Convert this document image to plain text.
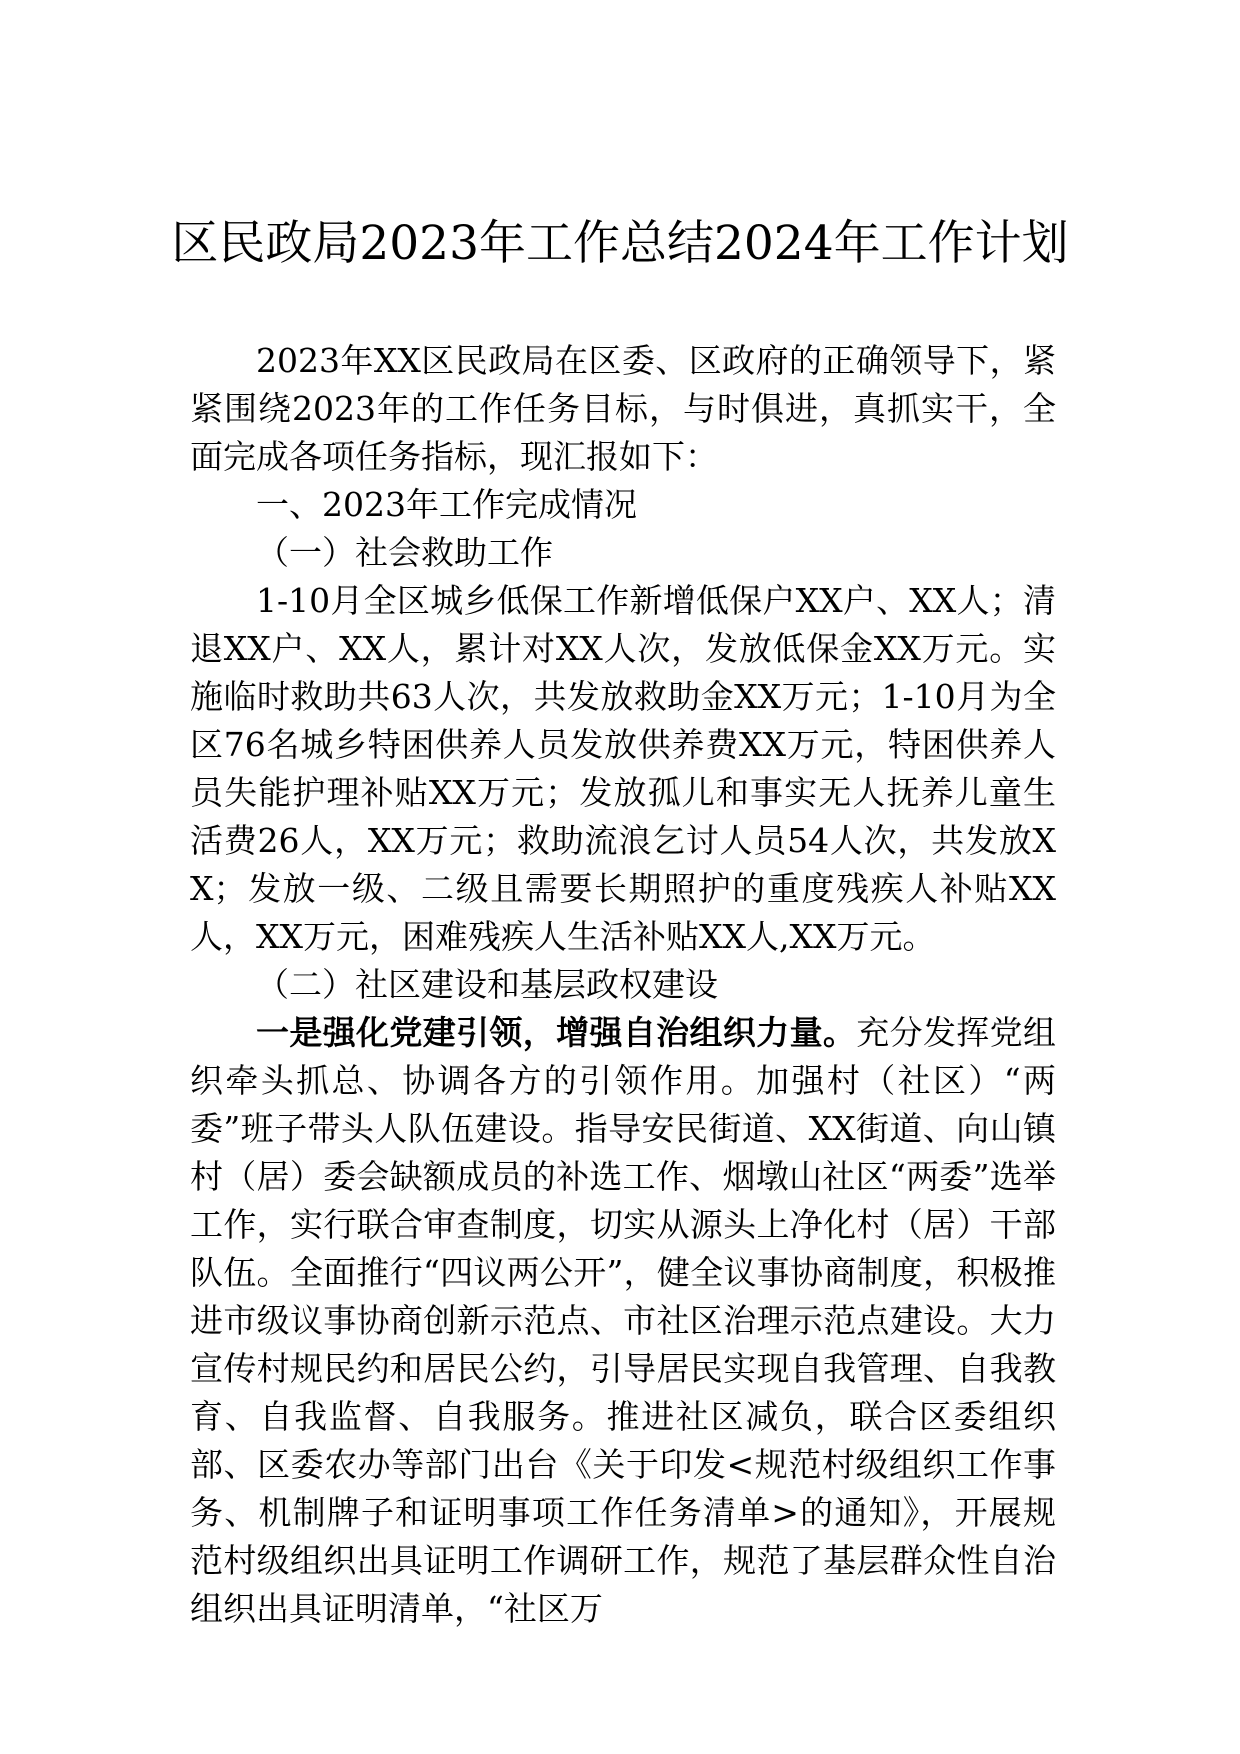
区民政局2023年工作总结2024年工作计划

2023年XX区民政局在区委、区政府的正确领导下，紧紧围绕2023年的工作任务目标，与时俱进，真抓实干，全面完成各项任务指标，现汇报如下：

一、2023年工作完成情况

（一）社会救助工作

1-10月全区城乡低保工作新增低保户XX户、XX人；清退XX户、XX人，累计对XX人次，发放低保金XX万元。实施临时救助共63人次，共发放救助金XX万元；1-10月为全区76名城乡特困供养人员发放供养费XX万元，特困供养人员失能护理补贴XX万元；发放孤儿和事实无人抚养儿童生活费26人，XX万元；救助流浪乞讨人员54人次，共发放XX；发放一级、二级且需要长期照护的重度残疾人补贴XX人，XX万元，困难残疾人生活补贴XX人,XX万元。

（二）社区建设和基层政权建设

一是强化党建引领，增强自治组织力量。充分发挥党组织牵头抓总、协调各方的引领作用。加强村（社区）“两委”班子带头人队伍建设。指导安民街道、XX街道、向山镇村（居）委会缺额成员的补选工作、烟墩山社区“两委”选举工作，实行联合审查制度，切实从源头上净化村（居）干部队伍。全面推行“四议两公开”，健全议事协商制度，积极推进市级议事协商创新示范点、市社区治理示范点建设。大力宣传村规民约和居民公约，引导居民实现自我管理、自我教育、自我监督、自我服务。推进社区减负，联合区委组织部、区委农办等部门出台《关于印发<规范村级组织工作事务、机制牌子和证明事项工作任务清单>的通知》，开展规范村级组织出具证明工作调研工作，规范了基层群众性自治组织出具证明清单，“社区万
